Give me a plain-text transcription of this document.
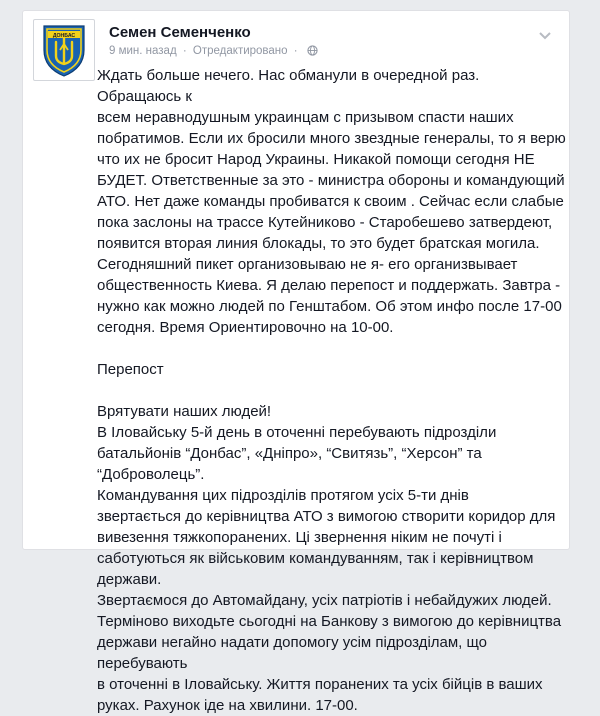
ДОНБАС Семен Семенченко
9 мин. назад · Отредактировано ·

Ждать больше нечего. Нас обманули в очередной раз. Обращаюсь к
всем неравнодушным украинцам с призывом спасти наших
побратимов. Если их бросили много звездные генералы, то я верю
что их не бросит Народ Украины. Никакой помощи сегодня НЕ
БУДЕТ. Ответственные за это - министра обороны и командующий
АТО. Нет даже команды пробиватся к своим . Сейчас если слабые
пока заслоны на трассе Кутейниково - Старобешево затвердеют,
появится вторая линия блокады, то это будет братская могила.
Сегодняшний пикет организовываю не я- его организвывает
общественность Киева. Я делаю перепост и поддержать. Завтра -
нужно как можно людей по Генштабом. Об этом инфо после 17-00
сегодня. Время Ориентировочно на 10-00.

Перепост

Врятувати наших людей!
В Іловайську 5-й день в оточенні перебувають підрозділи
батальйонів “Донбас”, «Дніпро», “Свитязь”, “Херсон” та
“Доброволець”.
Командування цих підрозділів протягом усіх 5-ти днів
звертається до керівництва АТО з вимогою створити коридор для
вивезення тяжкопоранених. Ці звернення ніким не почуті і
саботуються як військовим командуванням, так і керівництвом
держави.
Звертаємося до Автомайдану, усіх патріотів і небайдужих людей.
Терміново виходьте сьогодні на Банкову з вимогою до керівництва
держави негайно надати допомогу усім підрозділам, що перебувають
в оточенні в Іловайську. Життя поранених та усіх бійців в ваших
руках. Рахунок іде на хвилини. 17-00.
